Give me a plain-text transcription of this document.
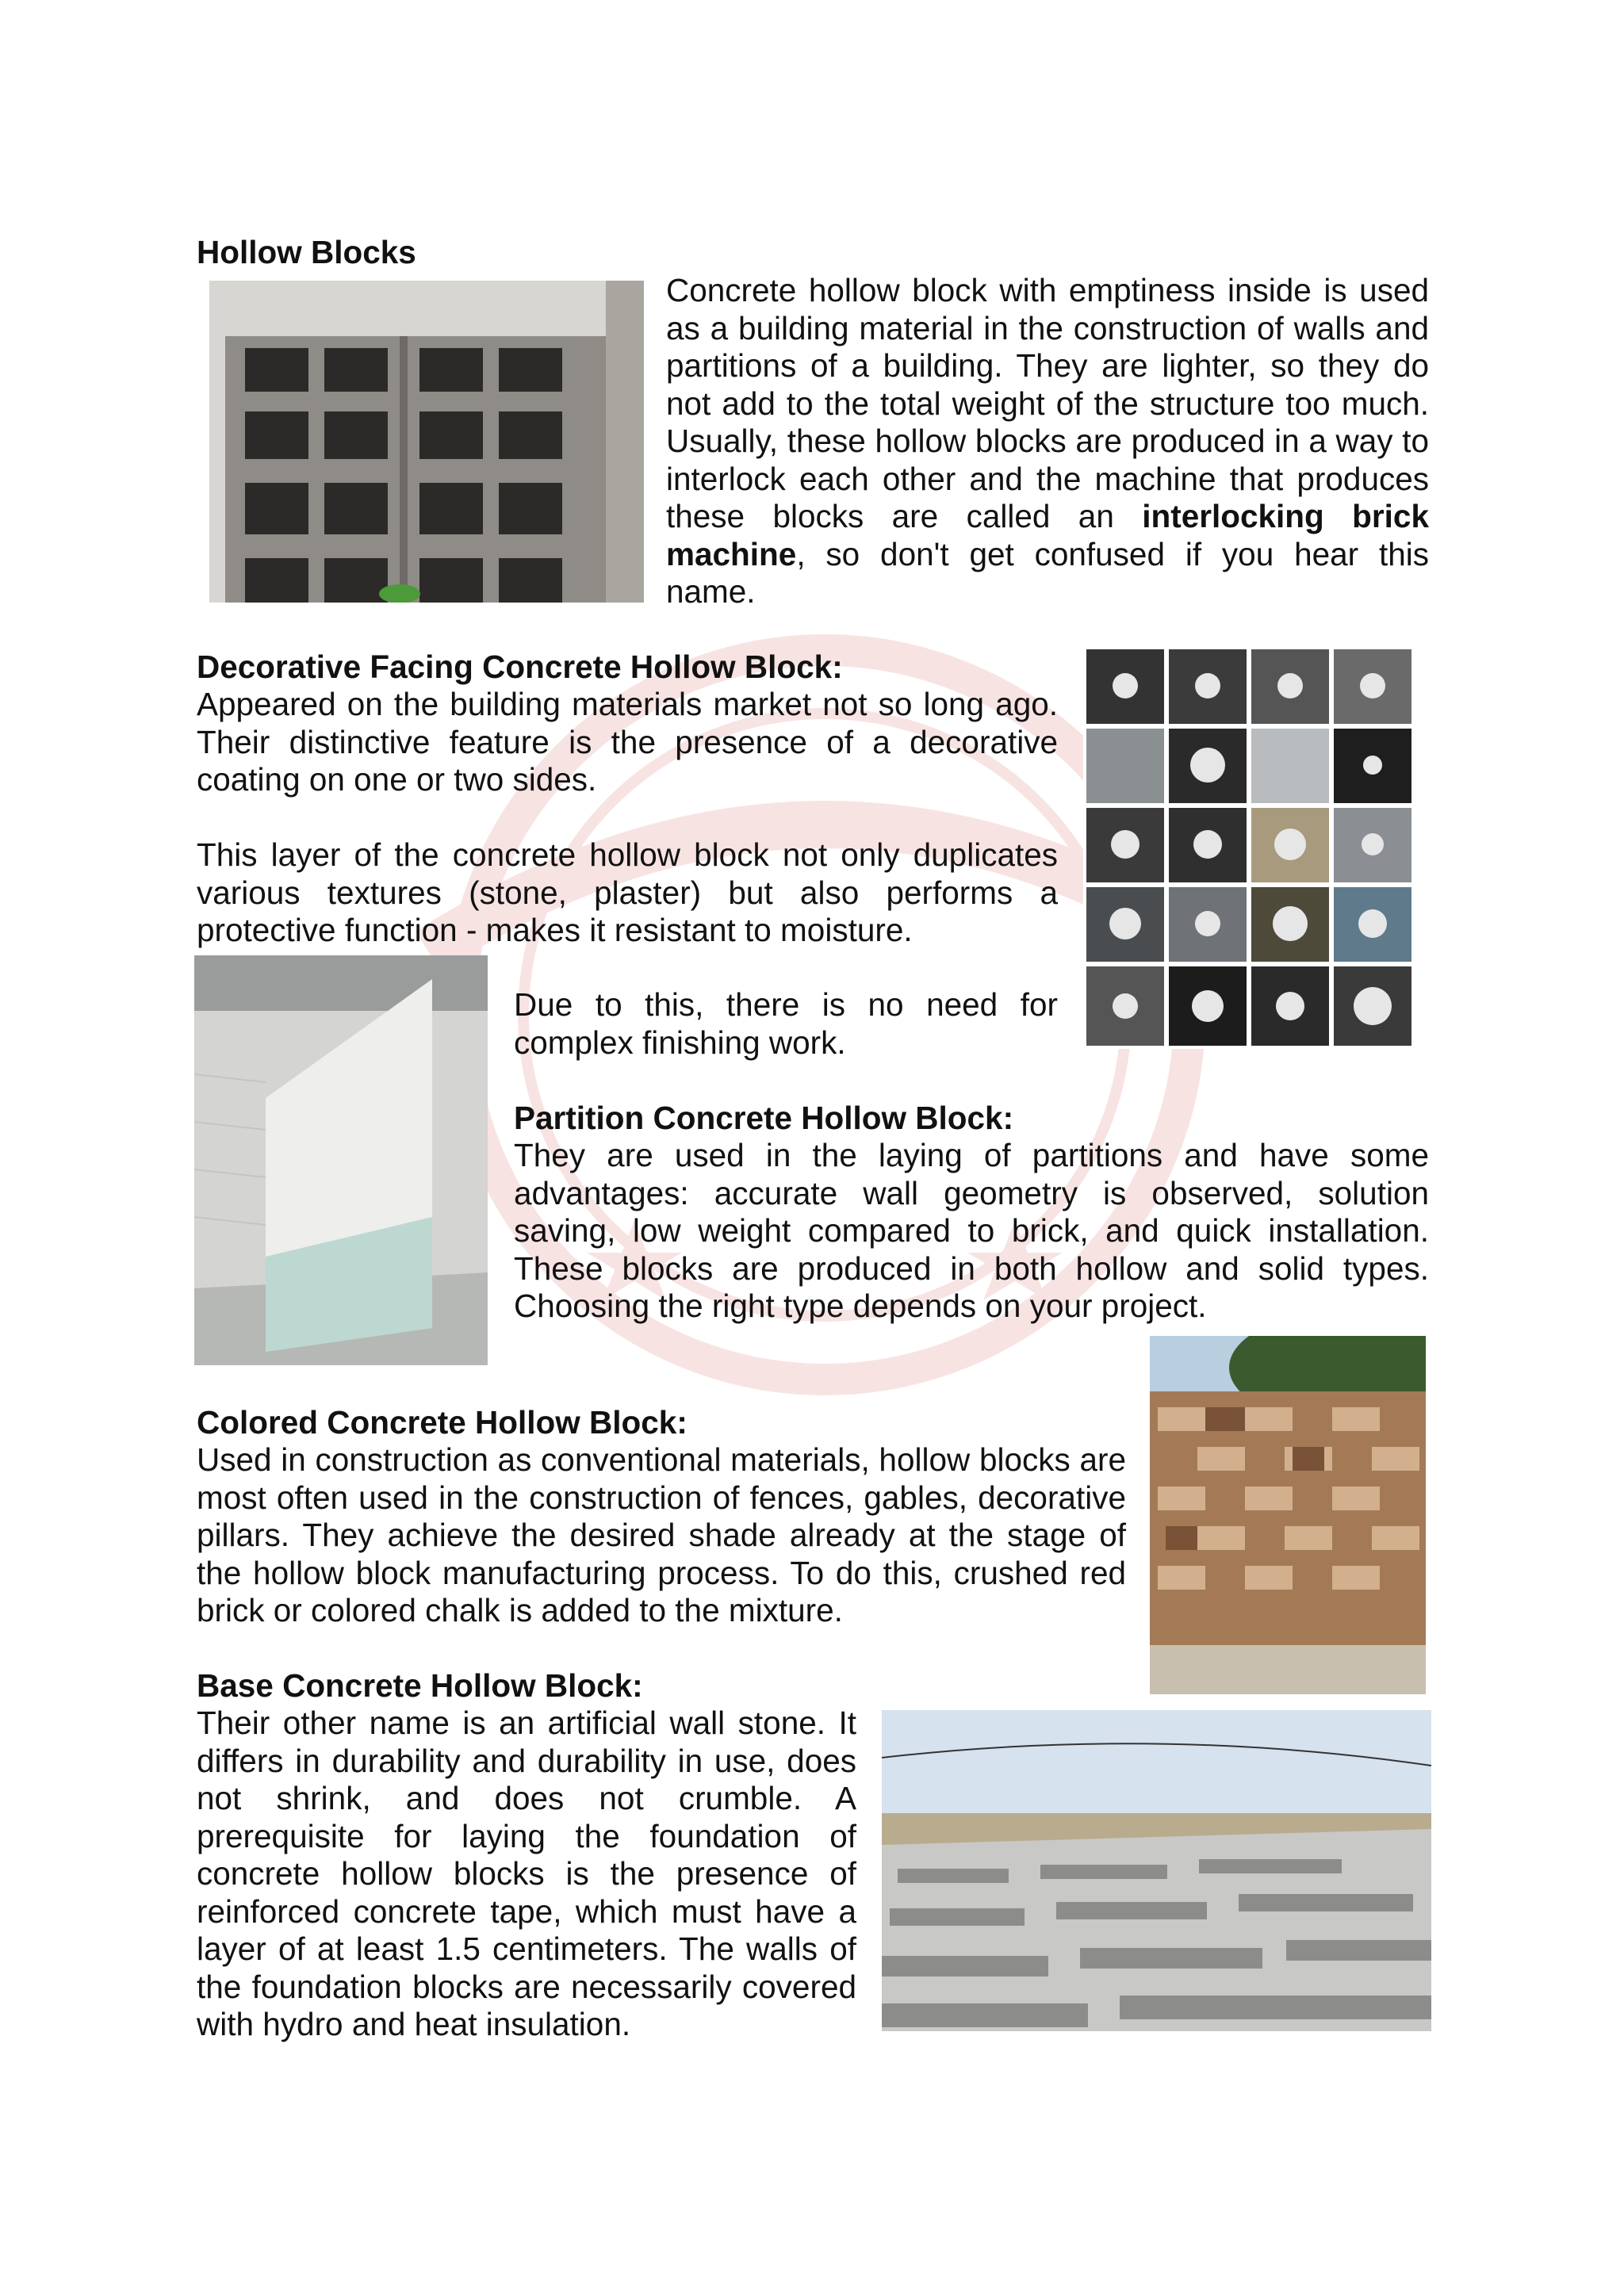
Hollow Blocks

Concrete hollow block with emptiness inside is used as a building material in the construction of walls and partitions of a building. They are lighter, so they do not add to the total weight of the structure too much. Usually, these hollow blocks are produced in a way to interlock each other and the machine that produces these blocks are called an interlocking brick machine, so don't get confused if you hear this name.

Decorative Facing Concrete Hollow Block:

Appeared on the building materials market not so long ago. Their distinctive feature is the presence of a decorative coating on one or two sides.

This layer of the concrete hollow block not only duplicates various textures (stone, plaster) but also performs a protective function - makes it resistant to moisture.

Due to this, there is no need for complex finishing work.

Partition Concrete Hollow Block:

They are used in the laying of partitions and have some advantages: accurate wall geometry is observed, solution saving, low weight compared to brick, and quick installation. These blocks are produced in both hollow and solid types. Choosing the right type depends on your project.

Colored Concrete Hollow Block:

Used in construction as conventional materials, hollow blocks are most often used in the construction of fences, gables, decorative pillars. They achieve the desired shade already at the stage of the hollow block manufacturing process. To do this, crushed red brick or colored chalk is added to the mixture.

Base Concrete Hollow Block:

Their other name is an artificial wall stone. It differs in durability and durability in use, does not shrink, and does not crumble. A prerequisite for laying the foundation of concrete hollow blocks is the presence of reinforced concrete tape, which must have a layer of at least 1.5 centimeters. The walls of the foundation blocks are necessarily covered with hydro and heat insulation.
